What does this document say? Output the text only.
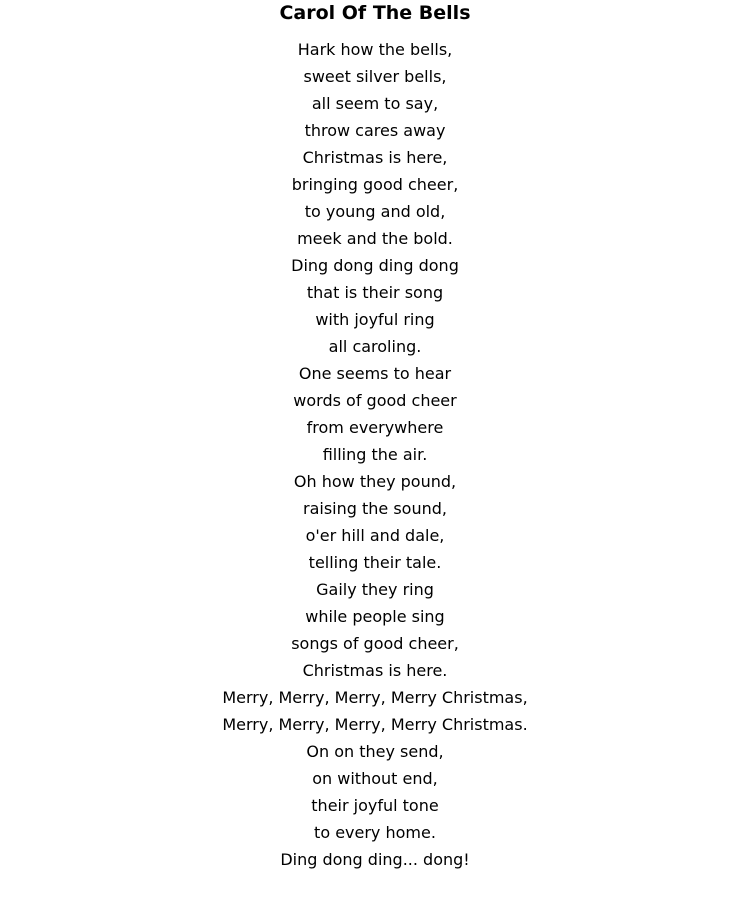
Carol Of The Bells
Hark how the bells,
sweet silver bells,
all seem to say,
throw cares away
Christmas is here,
bringing good cheer,
to young and old,
meek and the bold.
Ding dong ding dong
that is their song
with joyful ring
all caroling.
One seems to hear
words of good cheer
from everywhere
filling the air.
Oh how they pound,
raising the sound,
o'er hill and dale,
telling their tale.
Gaily they ring
while people sing
songs of good cheer,
Christmas is here.
Merry, Merry, Merry, Merry Christmas,
Merry, Merry, Merry, Merry Christmas.
On on they send,
on without end,
their joyful tone
to every home.
Ding dong ding... dong!
